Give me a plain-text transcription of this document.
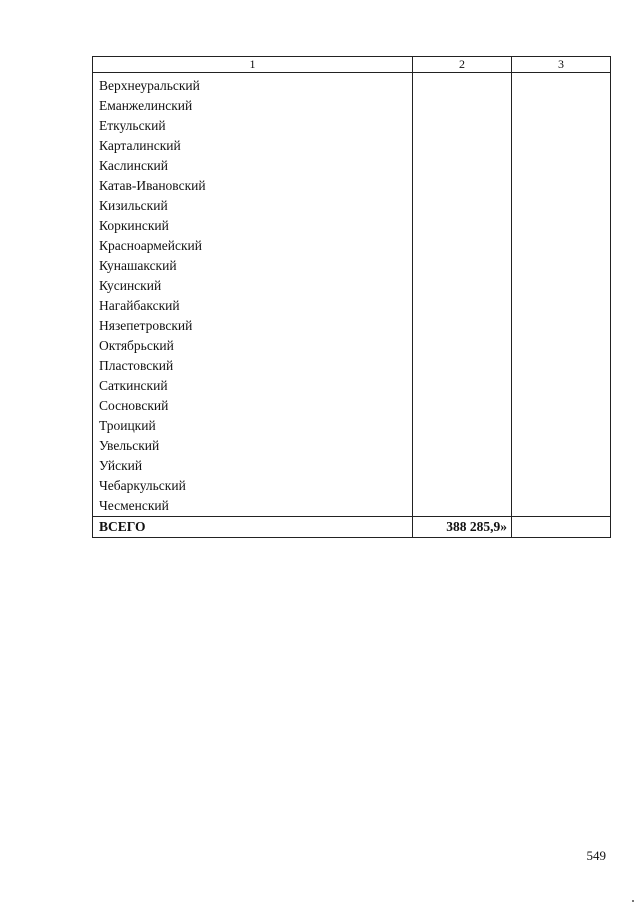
1	2	3
Верхнеуральский		
Еманжелинский		
Еткульский		
Карталинский		
Каслинский		
Катав-Ивановский		
Кизильский		
Коркинский		
Красноармейский		
Кунашакский		
Кусинский		
Нагайбакский		
Нязепетровский		
Октябрьский		
Пластовский		
Саткинский		
Сосновский		
Троицкий		
Увельский		
Уйский		
Чебаркульский		
Чесменский		
ВСЕГО	388 285,9»	
549
